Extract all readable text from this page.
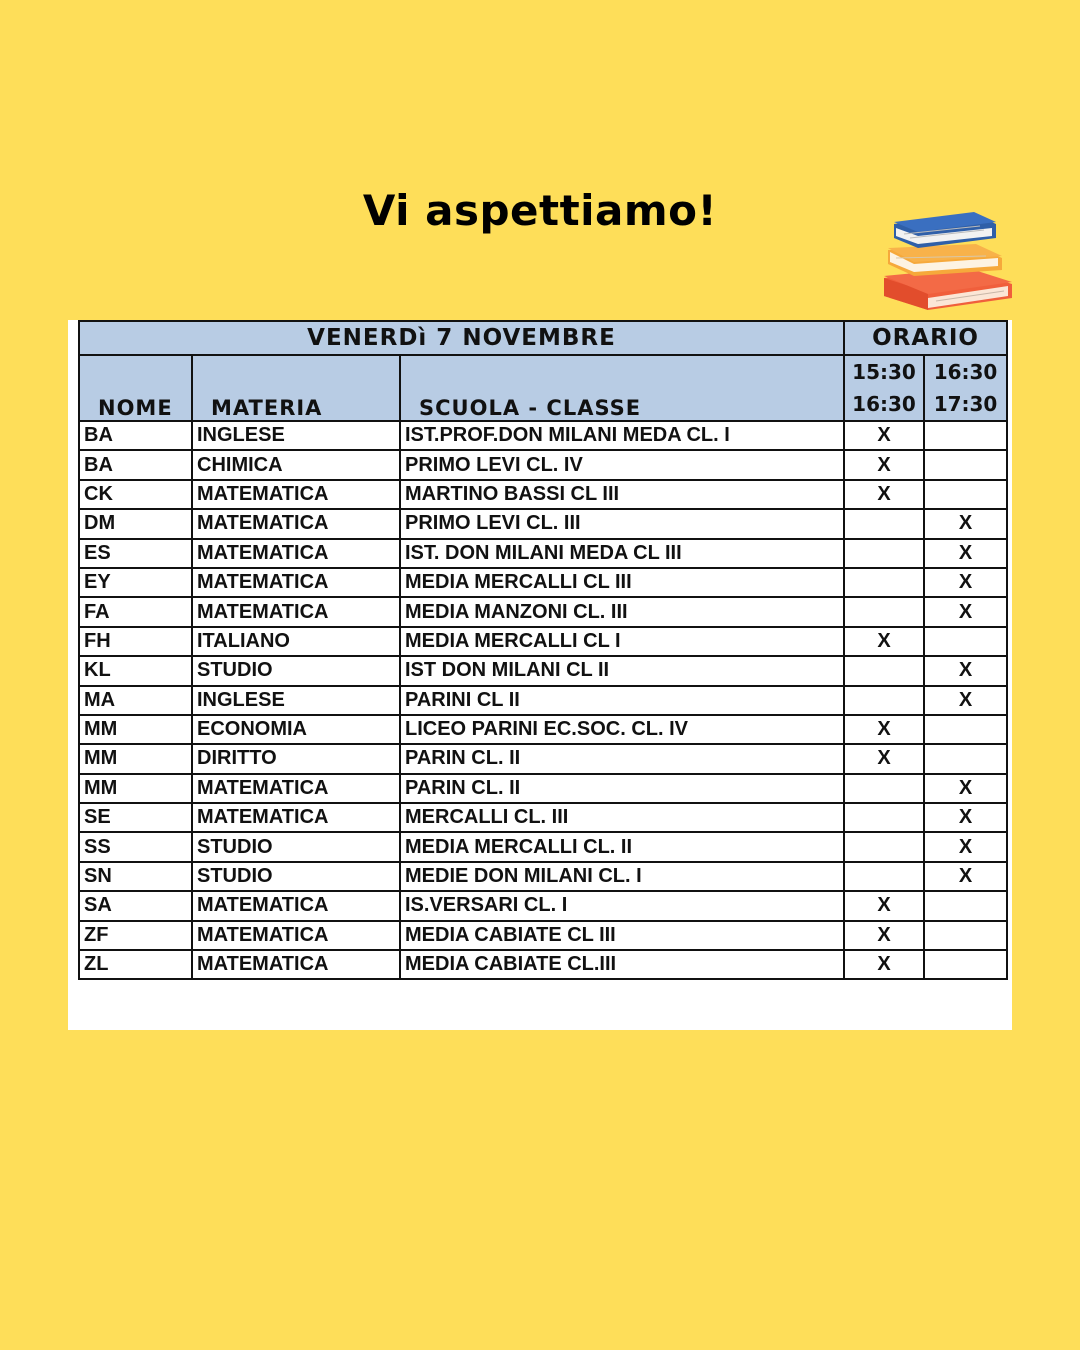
Vi aspettiamo!
VENERDì 7 NOVEMBRE			ORARIO	
NOME	MATERIA	SCUOLA - CLASSE	15:30	16:30
			16:30	17:30
BA	INGLESE	IST.PROF.DON MILANI MEDA CL. I	X	
BA	CHIMICA	PRIMO LEVI CL. IV	X	
CK	MATEMATICA	MARTINO BASSI CL III	X	
DM	MATEMATICA	PRIMO LEVI CL. III		X
ES	MATEMATICA	IST. DON MILANI MEDA CL III		X
EY	MATEMATICA	MEDIA MERCALLI CL III		X
FA	MATEMATICA	MEDIA MANZONI CL. III		X
FH	ITALIANO	MEDIA MERCALLI CL I	X	
KL	STUDIO	IST DON MILANI CL II		X
MA	INGLESE	PARINI CL II		X
MM	ECONOMIA	LICEO PARINI EC.SOC. CL. IV	X	
MM	DIRITTO	PARIN CL. II	X	
MM	MATEMATICA	PARIN CL. II		X
SE	MATEMATICA	MERCALLI CL. III		X
SS	STUDIO	MEDIA MERCALLI CL. II		X
SN	STUDIO	MEDIE DON MILANI CL. I		X
SA	MATEMATICA	IS.VERSARI CL. I	X	
ZF	MATEMATICA	MEDIA CABIATE CL III	X	
ZL	MATEMATICA	MEDIA CABIATE CL.III	X	
